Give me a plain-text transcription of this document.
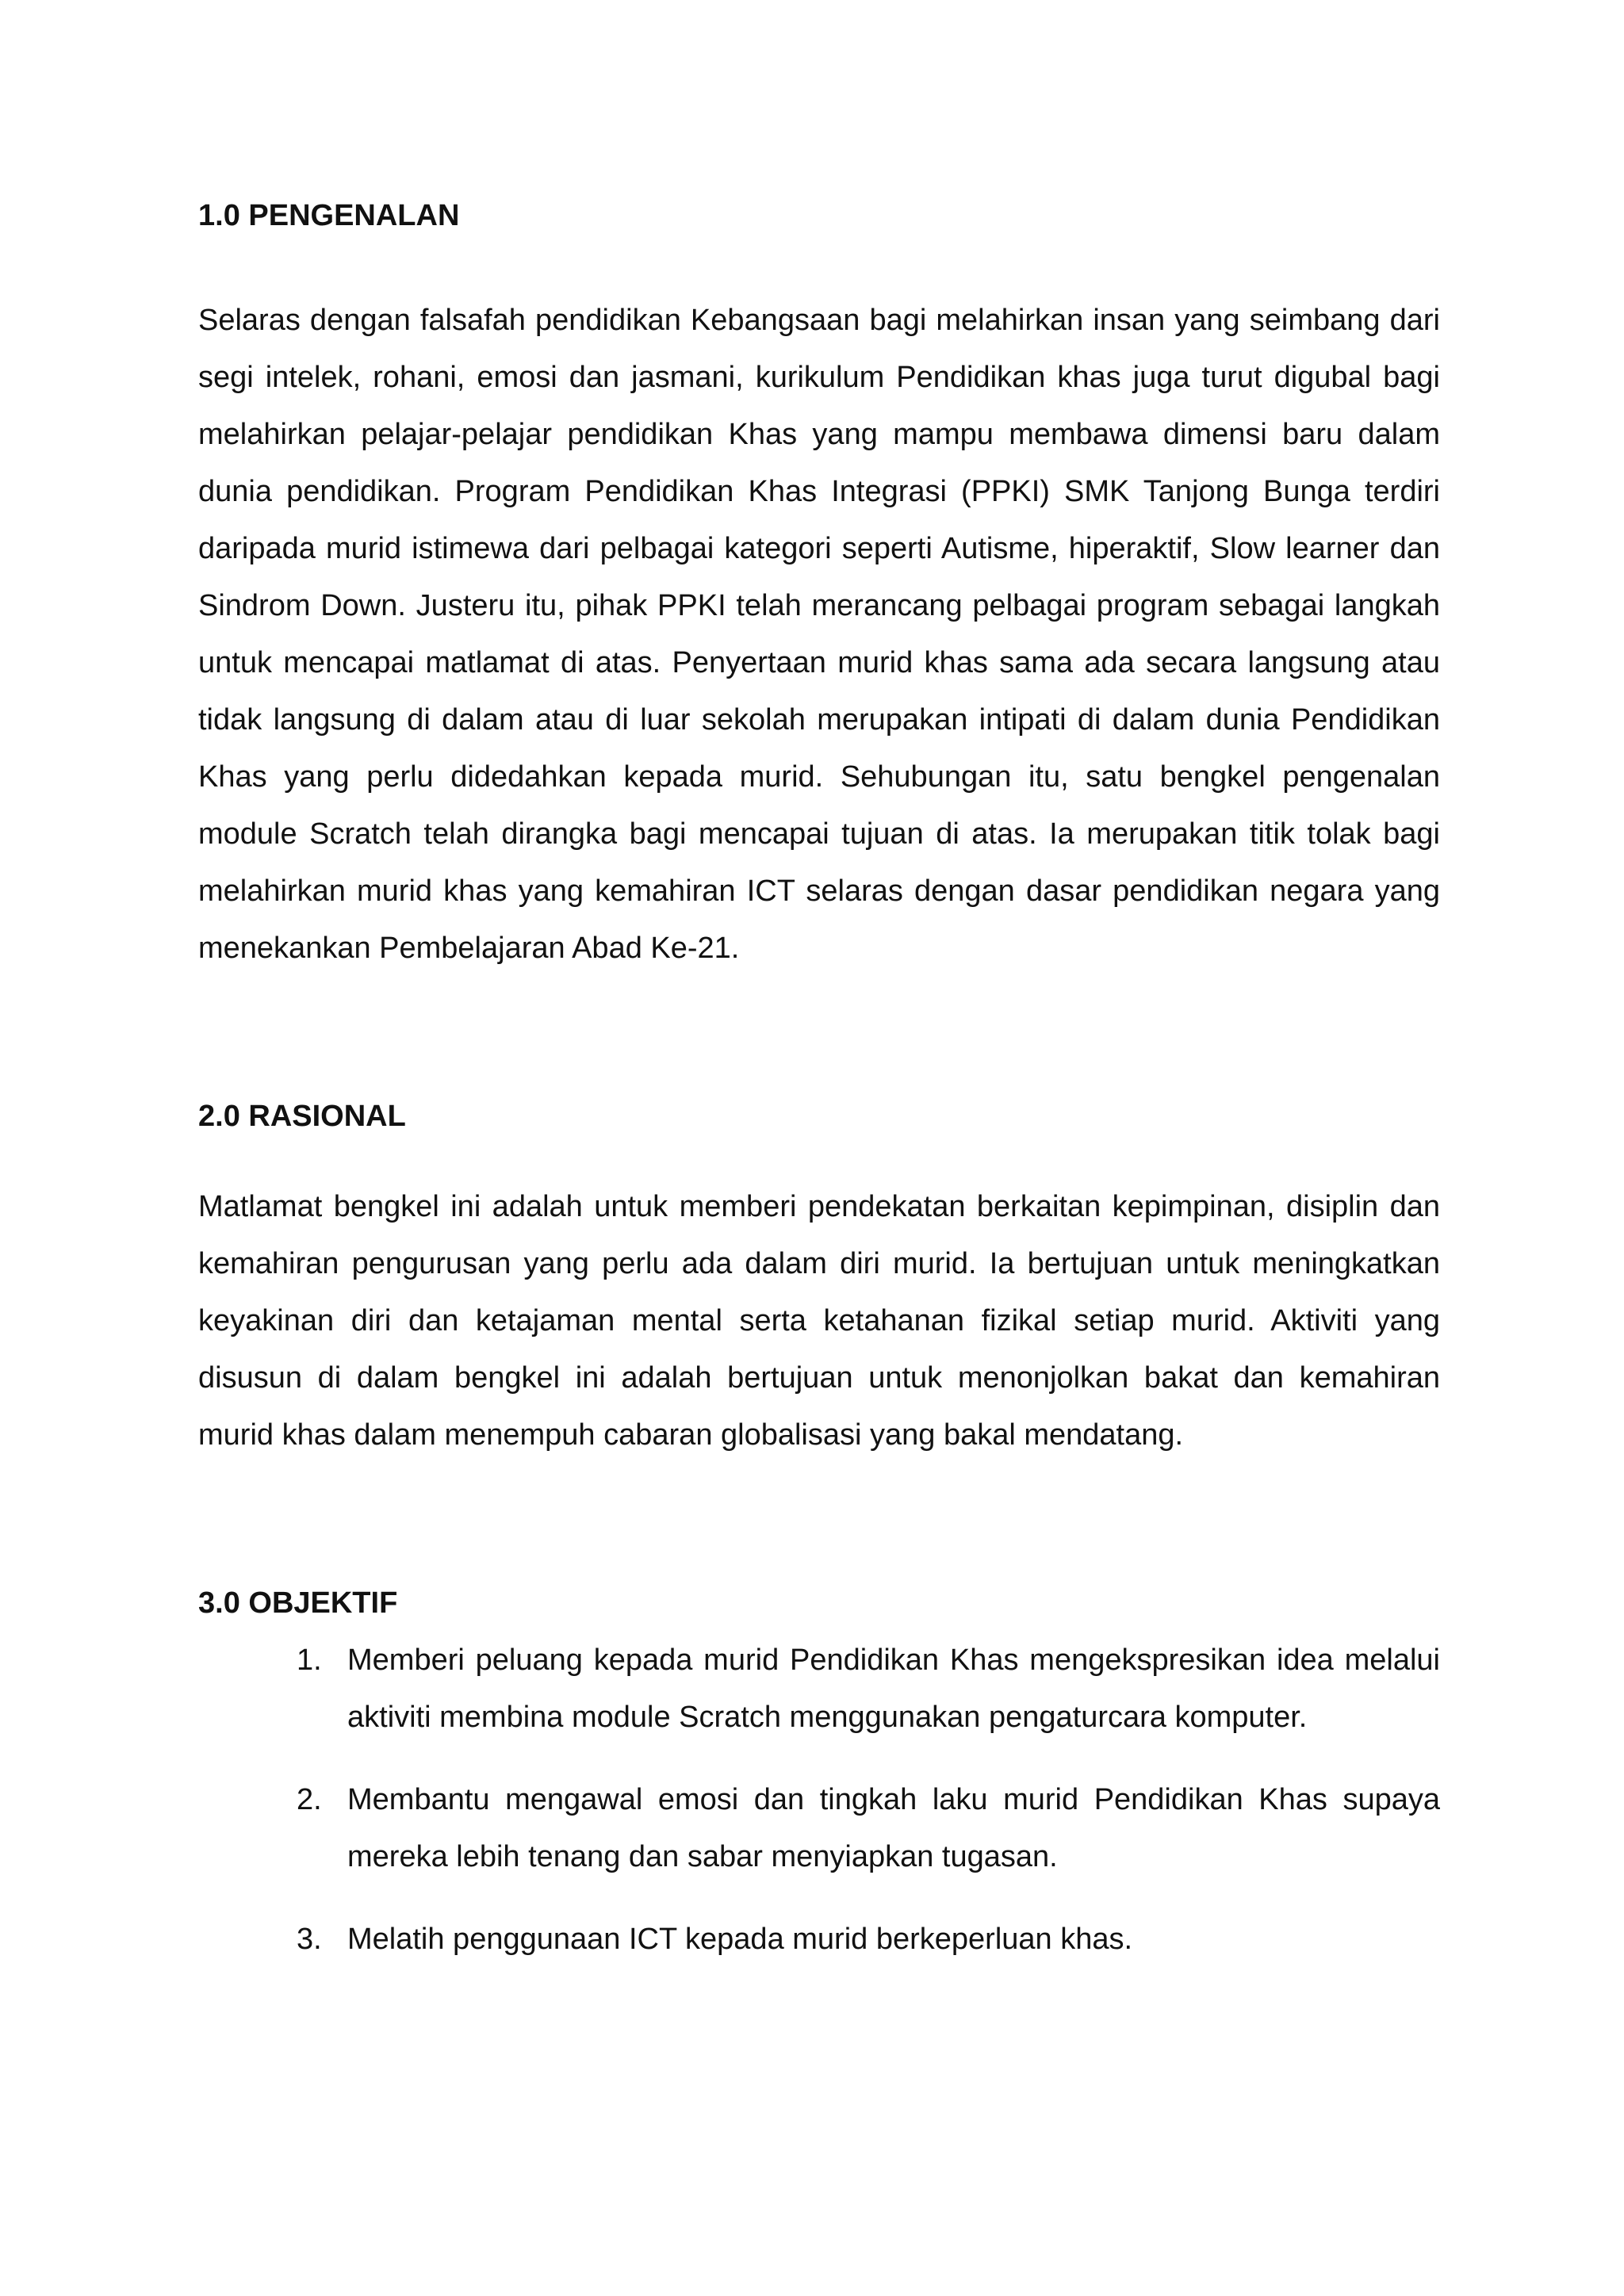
1.0 PENGENALAN

Selaras dengan falsafah pendidikan Kebangsaan bagi melahirkan insan yang seimbang dari segi intelek, rohani, emosi dan jasmani, kurikulum Pendidikan khas juga turut digubal bagi melahirkan pelajar-pelajar pendidikan Khas yang mampu membawa dimensi baru dalam dunia pendidikan. Program Pendidikan Khas Integrasi (PPKI) SMK Tanjong Bunga terdiri daripada murid istimewa dari pelbagai kategori seperti Autisme, hiperaktif, Slow learner dan Sindrom Down. Justeru itu, pihak PPKI telah merancang pelbagai program sebagai langkah untuk mencapai matlamat di atas. Penyertaan murid khas sama ada secara langsung atau tidak langsung di dalam atau di luar sekolah merupakan intipati di dalam dunia Pendidikan Khas yang perlu didedahkan kepada murid. Sehubungan itu, satu bengkel pengenalan module Scratch telah dirangka bagi mencapai tujuan di atas. Ia merupakan titik tolak bagi melahirkan murid khas yang kemahiran ICT selaras dengan dasar pendidikan negara yang menekankan Pembelajaran Abad Ke-21.

2.0 RASIONAL

Matlamat bengkel ini adalah untuk memberi pendekatan berkaitan kepimpinan, disiplin dan kemahiran pengurusan yang perlu ada dalam diri murid. Ia bertujuan untuk meningkatkan keyakinan diri dan ketajaman mental serta ketahanan fizikal setiap murid. Aktiviti yang disusun di dalam bengkel ini adalah bertujuan untuk menonjolkan bakat dan kemahiran murid khas dalam menempuh cabaran globalisasi yang bakal mendatang.

3.0 OBJEKTIF
1. Memberi peluang kepada murid Pendidikan Khas mengekspresikan idea melalui aktiviti membina module Scratch menggunakan pengaturcara komputer.
2. Membantu mengawal emosi dan tingkah laku murid Pendidikan Khas supaya mereka lebih tenang dan sabar menyiapkan tugasan.
3. Melatih penggunaan ICT kepada murid berkeperluan khas.
